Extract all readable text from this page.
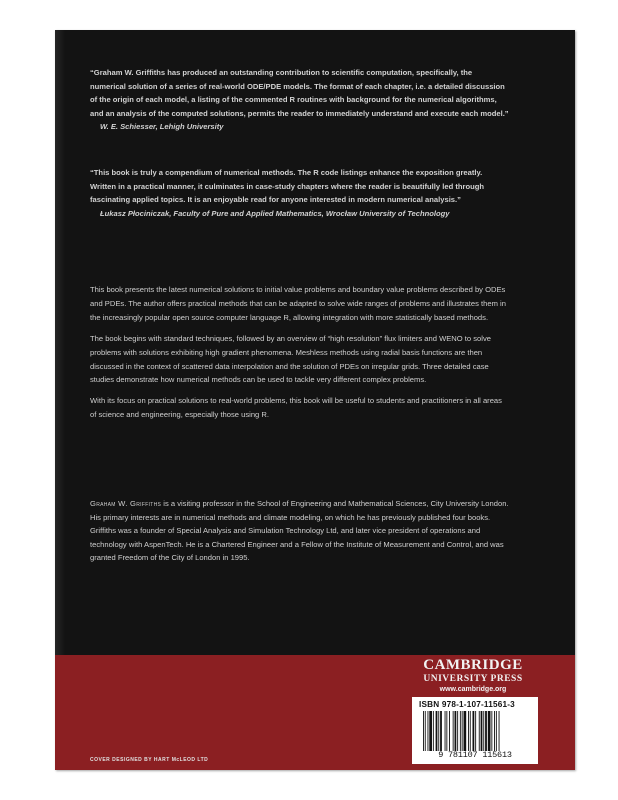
“Graham W. Griffiths has produced an outstanding contribution to scientific computation, specifically, the numerical solution of a series of real-world ODE/PDE models. The format of each chapter, i.e. a detailed discussion of the origin of each model, a listing of the commented R routines with background for the numerical algorithms, and an analysis of the computed solutions, permits the reader to immediately understand and execute each model.”

W. E. Schiesser, Lehigh University

“This book is truly a compendium of numerical methods. The R code listings enhance the exposition greatly. Written in a practical manner, it culminates in case-study chapters where the reader is beautifully led through fascinating applied topics. It is an enjoyable read for anyone interested in modern numerical analysis.”

Łukasz Płociniczak, Faculty of Pure and Applied Mathematics, Wrocław University of Technology

This book presents the latest numerical solutions to initial value problems and boundary value problems described by ODEs and PDEs. The author offers practical methods that can be adapted to solve wide ranges of problems and illustrates them in the increasingly popular open source computer language R, allowing integration with more statistically based methods.

The book begins with standard techniques, followed by an overview of “high resolution” flux limiters and WENO to solve problems with solutions exhibiting high gradient phenomena. Meshless methods using radial basis functions are then discussed in the context of scattered data interpolation and the solution of PDEs on irregular grids. Three detailed case studies demonstrate how numerical methods can be used to tackle very different complex problems.

With its focus on practical solutions to real-world problems, this book will be useful to students and practitioners in all areas of science and engineering, especially those using R.

Graham W. Griffiths is a visiting professor in the School of Engineering and Mathematical Sciences, City University London. His primary interests are in numerical methods and climate modeling, on which he has previously published four books. Griffiths was a founder of Special Analysis and Simulation Technology Ltd, and later vice president of operations and technology with AspenTech. He is a Chartered Engineer and a Fellow of the Institute of Measurement and Control, and was granted Freedom of the City of London in 1995.

CAMBRIDGE
UNIVERSITY PRESS
www.cambridge.org
ISBN 978-1-107-11561-3
9 781107 115613
COVER DESIGNED BY HART McLEOD LTD
